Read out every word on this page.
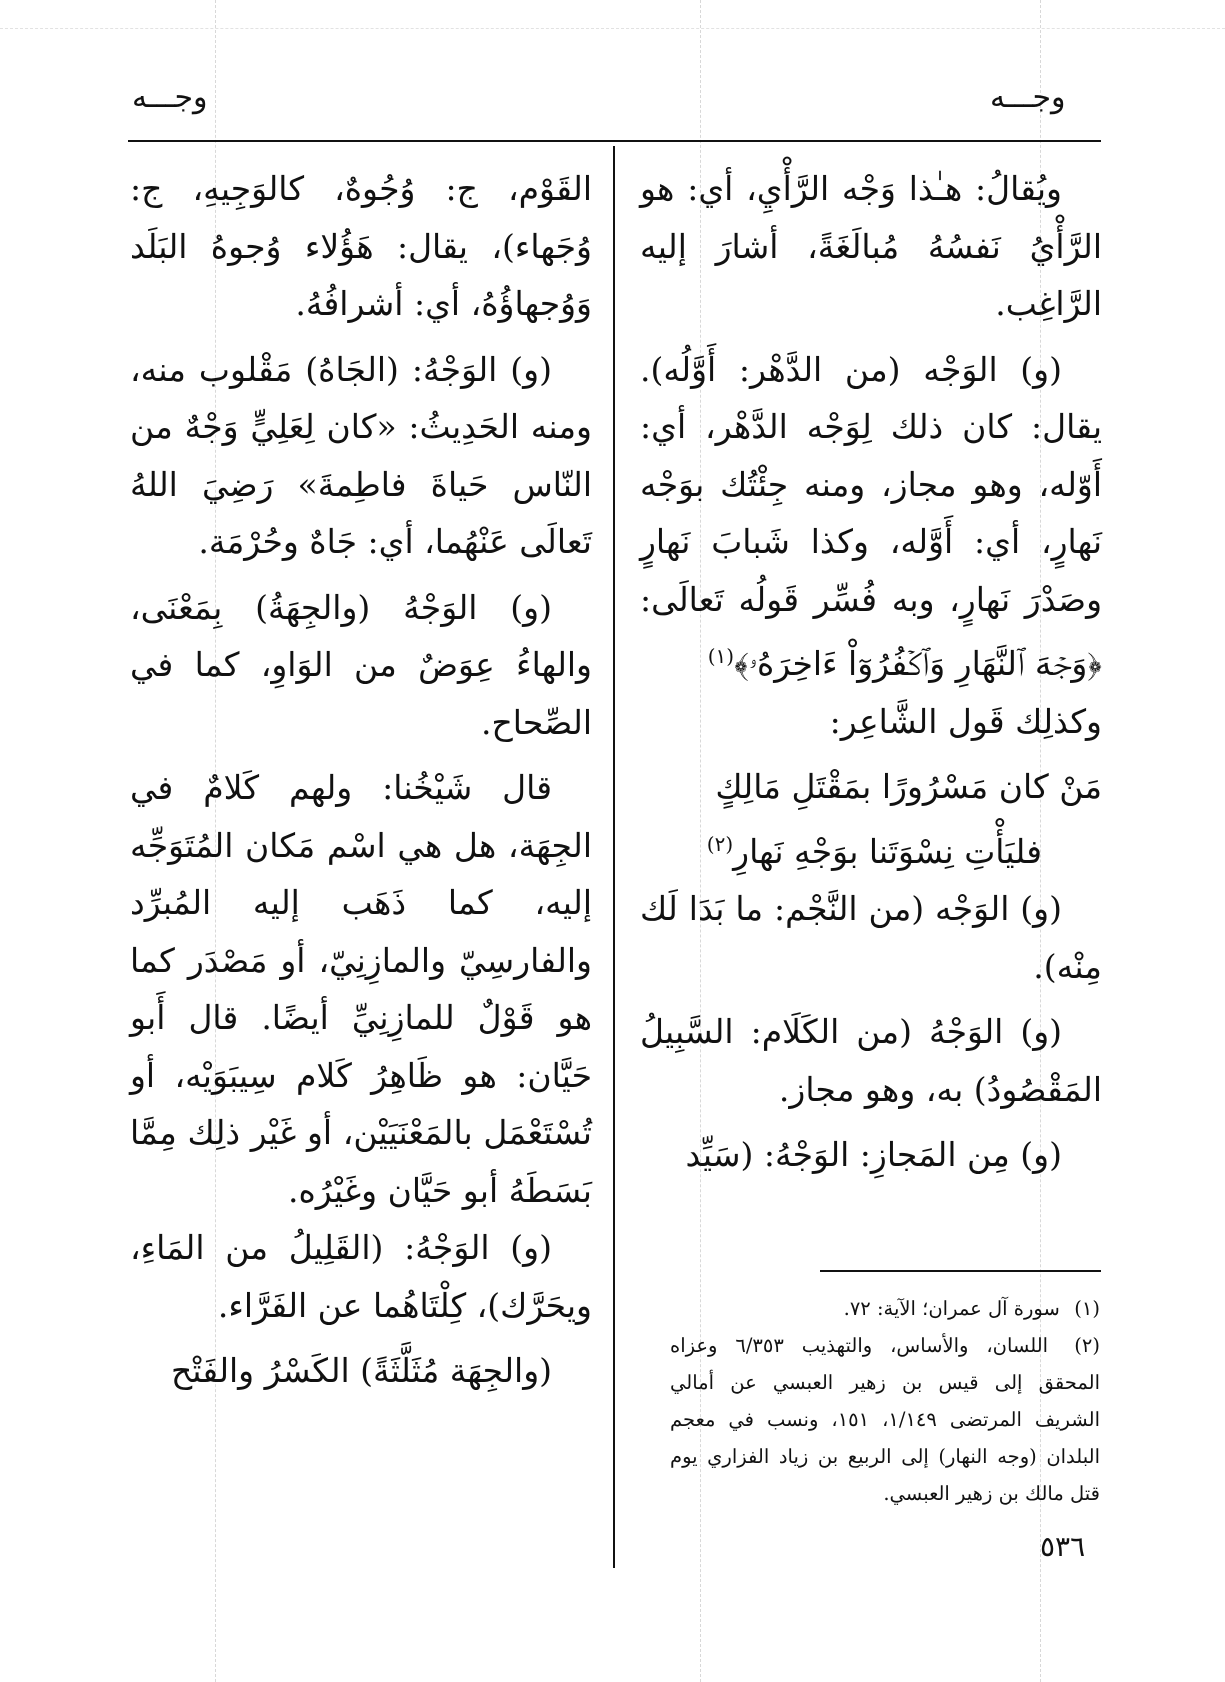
وجـــه
وجـــه

ويُقالُ: هـٰذا وَجْه الرَّأْيِ، أي: هو الرَّأْيُ نَفسُهُ مُبالَغَةً، أشارَ إليه الرَّاغِب.

(و) الوَجْه (من الدَّهْر: أَوَّلُه). يقال: كان ذلك لِوَجْه الدَّهْر، أي: أَوّله، وهو مجاز، ومنه جِئْتُك بوَجْه نَهارٍ، أي: أَوَّله، وكذا شَبابَ نَهارٍ وصَدْرَ نَهارٍ، وبه فُسِّر قَولُه تَعالَى: ﴿وَجۡهَ ٱلنَّهَارِ وَٱكۡفُرُوٓاْ ءَاخِرَهُۥ﴾$^{(١)}$

وكذلِك قَول الشَّاعِر:

مَنْ كان مَسْرُورًا بمَقْتَلِ مَالِكٍ

فليَأْتِ نِسْوَتَنا بوَجْهِ نَهارِ$^{(٢)}$

(و) الوَجْه (من النَّجْم: ما بَدَا لَك مِنْه).

(و) الوَجْهُ (من الكَلَام: السَّبِيلُ المَقْصُودُ) به، وهو مجاز.

(و) مِن المَجازِ: الوَجْهُ: (سَيِّد

القَوْم، ج: وُجُوهٌ، كالوَجِيهِ، ج: وُجَهاء)، يقال: هَؤُلاء وُجوهُ البَلَد وَوُجهاؤُهُ، أي: أشرافُهُ.

(و) الوَجْهُ: (الجَاهُ) مَقْلوب منه، ومنه الحَدِيثُ: «كان لِعَلِيٍّ وَجْهٌ من النّاس حَياةَ فاطِمةَ» رَضِيَ اللهُ تَعالَى عَنْهُما، أي: جَاهٌ وحُرْمَة.

(و) الوَجْهُ (والجِهَةُ) بِمَعْنَى، والهاءُ عِوَضٌ من الوَاوِ، كما في الصِّحاح.

قال شَيْخُنا: ولهم كَلامٌ في الجِهَة، هل هي اسْم مَكان المُتَوَجِّه إليه، كما ذَهَب إليه المُبرِّد والفارسِيّ والمازِنِيّ، أو مَصْدَر كما هو قَوْلٌ للمازِنِيِّ أيضًا. قال أَبو حَيَّان: هو ظَاهِرُ كَلام سِيبَوَيْه، أو تُسْتَعْمَل بالمَعْنَيَيْن، أو غَيْر ذلِك مِمَّا بَسَطَهُ أبو حَيَّان وغَيْرُه.

(و) الوَجْهُ: (القَلِيلُ من المَاءِ، ويحَرَّك)، كِلْتَاهُما عن الفَرَّاء.

(والجِهَة مُثَلَّثَةً) الكَسْرُ والفَتْح

(١) سورة آل عمران؛ الآية: ٧٢.

(٢) اللسان، والأساس، والتهذيب ٦/٣٥٣ وعزاه المحقق إلى قيس بن زهير العبسي عن أمالي الشريف المرتضى ١/١٤٩، ١٥١، ونسب في معجم البلدان (وجه النهار) إلى الربيع بن زياد الفزاري يوم قتل مالك بن زهير العبسي.

٥٣٦
